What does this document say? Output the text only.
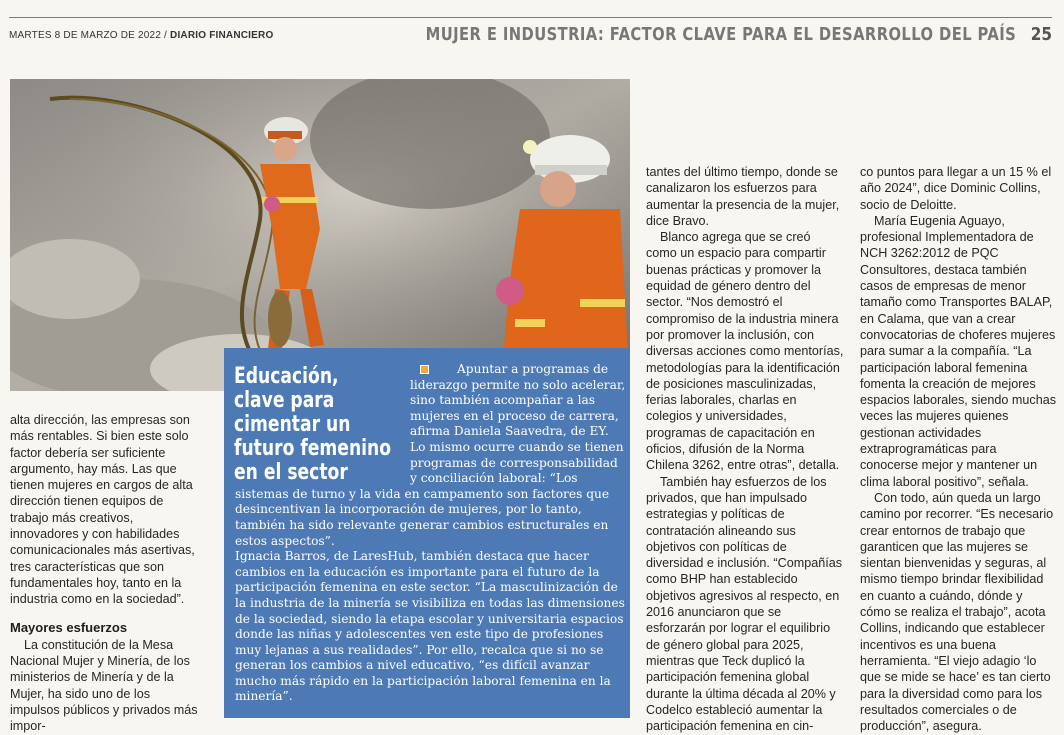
MARTES 8 DE MARZO DE 2022 / DIARIO FINANCIERO	MUJER E INDUSTRIA: FACTOR CLAVE PARA EL DESARROLLO DEL PAÍS 25

alta dirección, las empresas son más rentables. Si bien este solo factor debería ser suficiente argumento, hay más. Las que tienen mujeres en cargos de alta dirección tienen equipos de trabajo más creativos, innovadores y con habilidades comunicacionales más asertivas, tres características que son fundamentales hoy, tanto en la industria como en la sociedad”.

Mayores esfuerzos

La constitución de la Mesa Nacional Mujer y Minería, de los ministerios de Minería y de la Mujer, ha sido uno de los impulsos públicos y privados más impor-

Educación, clave para cimentar un futuro femenino en el sector

Apuntar a programas de liderazgo permite no solo acelerar, sino también acompañar a las mujeres en el proceso de carrera, afirma Daniela Saavedra, de EY. Lo mismo ocurre cuando se tienen programas de corresponsabilidad y conciliación laboral: “Los sistemas de turno y la vida en campamento son factores que desincentivan la incorporación de mujeres, por lo tanto, también ha sido relevante generar cambios estructurales en estos aspectos”.

Ignacia Barros, de LaresHub, también destaca que hacer cambios en la educación es importante para el futuro de la participación femenina en este sector. “La masculinización de la industria de la minería se visibiliza en todas las dimensiones de la sociedad, siendo la etapa escolar y universitaria espacios donde las niñas y adolescentes ven este tipo de profesiones muy lejanas a sus realidades”. Por ello, recalca que si no se generan los cambios a nivel educativo, “es difícil avanzar mucho más rápido en la participación laboral femenina en la minería”.

tantes del último tiempo, donde se canalizaron los esfuerzos para aumentar la presencia de la mujer, dice Bravo.

Blanco agrega que se creó como un espacio para compartir buenas prácticas y promover la equidad de género dentro del sector. “Nos demostró el compromiso de la industria minera por promover la inclusión, con diversas acciones como mentorías, metodologías para la identificación de posiciones masculinizadas, ferias laborales, charlas en colegios y universidades, programas de capacitación en oficios, difusión de la Norma Chilena 3262, entre otras”, detalla.

También hay esfuerzos de los privados, que han impulsado estrategias y políticas de contratación alineando sus objetivos con políticas de diversidad e inclusión. “Compañías como BHP han establecido objetivos agresivos al respecto, en 2016 anunciaron que se esforzarán por lograr el equilibrio de género global para 2025, mientras que Teck duplicó la participación femenina global durante la última década al 20% y Codelco estableció aumentar la participación femenina en cin-

co puntos para llegar a un 15 % el año 2024”, dice Dominic Collins, socio de Deloitte.

María Eugenia Aguayo, profesional Implementadora de NCH 3262:2012 de PQC Consultores, destaca también casos de empresas de menor tamaño como Transportes BALAP, en Calama, que van a crear convocatorias de choferes mujeres para sumar a la compañía. “La participación laboral femenina fomenta la creación de mejores espacios laborales, siendo muchas veces las mujeres quienes gestionan actividades extraprogramáticas para conocerse mejor y mantener un clima laboral positivo”, señala.

Con todo, aún queda un largo camino por recorrer. “Es necesario crear entornos de trabajo que garanticen que las mujeres se sientan bienvenidas y seguras, al mismo tiempo brindar flexibilidad en cuanto a cuándo, dónde y cómo se realiza el trabajo”, acota Collins, indicando que establecer incentivos es una buena herramienta. “El viejo adagio ‘lo que se mide se hace’ es tan cierto para la diversidad como para los resultados comerciales o de producción”, asegura.
